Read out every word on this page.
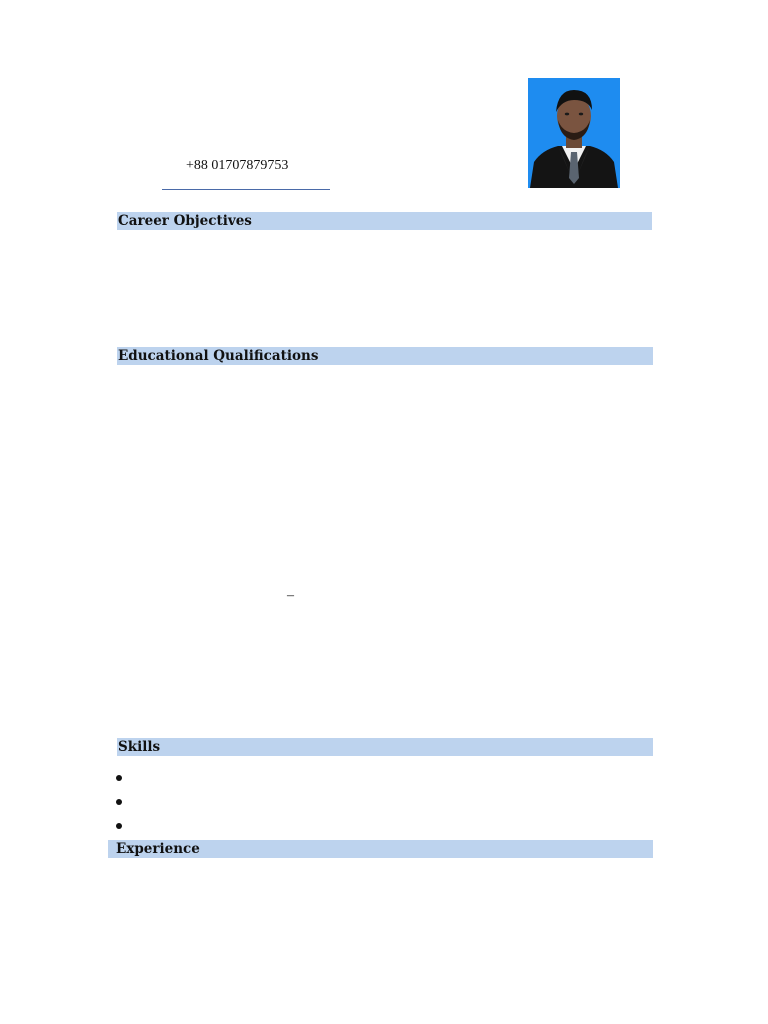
+88 01707879753
Career Objectives
Educational Qualifications
–
Skills
Experience
